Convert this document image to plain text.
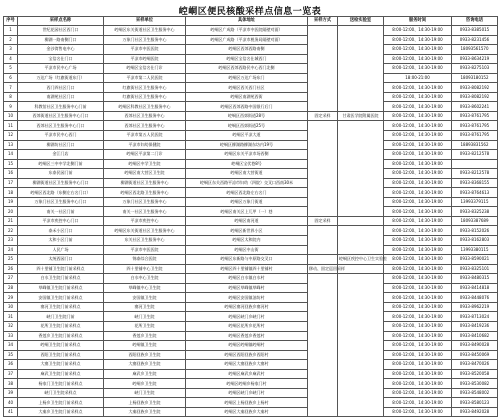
崆峒区便民核酸采样点信息一览表
序号	采样点名称	采样单位	具体地址	采样方式	送检实验室	服务时间	咨询电话
1	世纪花园社区西门口	崆峒区东关街道社区卫生服务中心	崆峒区广成路（平凉市中医院隔壁对面）			8:00-12:00、14:30-19:00	0933-8385015
2	柳湖一路南侧门口	万象门社区卫生服务中心	崆峒区广成路（平凉市税务局隔壁对面）			8:00-12:00、14:30-19:00	0933-8231456
3	金沙湾售电中心	平凉市中医医院	崆峒区西郊西路南侧			8:00-12:00、14:30-19:00	18093561570
4	宝信名仕门口	平凉市崆峒医院	崆峒区宝信名仕城西门			8:00-12:00、14:30-19:00	0933-8634219
5	平凉市民中心广场	崆峒区宝信名仕门诊	崆峒区西郊西路民中心西门北侧			8:00-12:00、14:30-19:00	0933-8275103
6	万达广场（红旗街道东门）	平凉市第二人民医院	崆峒区万达广场东门			18:00-21:00	18093180152
7	西门四社区门口	红旗街社区卫生服务中心	崆峒区西关西门社区			8:00-12:00、14:30-19:00	0933-8082192
8	南湖苑社区门口	红旗街社区卫生服务中心	崆峒区南湖苑西街			8:00-12:00、14:30-19:00	0933-8082192
9	科教馆社区卫生服务中心门前	崆峒区科教社区卫生服务中心	崆峒区西郊西路中国银行后门			8:00-12:00、14:30-19:00	0933-8602241
10	西郊街道社区卫生服务中心门口	西郊社区卫生服务中心	崆峒区西郊街道28号	固定采样	甘肃医学院附属医院	8:00-12:00、14:30-19:00	0933-8761795
11	西郊社区卫生服务中心门口	西郊社区卫生服务中心	崆峒区西郊街道25号			8:00-12:00、14:30-19:00	0933-8761795
12	平凉市民中心西门	平凉市第五人民医院	崆峒区平凉大道			8:00-12:00、14:30-19:00	0933-8761795
13	柳湖坊社区门口	平凉市妇幼保健院	崆峒区柳湖路柳湖东坊内19号			8:00-12:00、14:30-19:00	18893831562
14	金江门店	崆峒区平凉第二门诊	崆峒区东关平凉市场西侧			8:00-12:00、14:30-19:00	0933-8212578
15	崆峒区三中中学北侧门前	崆峒区中学卫生院	崆峒区宝伏巷8号			8:00-12:00、14:30-19:00	
16	东泰民园门前	崆峒区南大营区卫生院	崆峒区南大营街道			8:00-12:00、14:30-19:00	0933-8212578
17	柳湖街道社区卫生服务中心门口	柳湖街道社区卫生服务中心	崆峒区东关西路平凉市妇幼（四院）交叉口西南30米			8:00-12:00、14:30-19:00	0933-8368155
18	崆峒区西北路（东侧左右名门口）	崆峒区西北路卫生服务中心	崆峒区西北路左右名门			8:00-12:00、14:30-19:00	0933-8764613
19	万象门社区卫生服务中心门口	万象门社区卫生服务中心	崆峒区万象门街道			8:00-12:00、14:30-19:00	13993379115
20	南关一社区门前	南关一社区卫生服务中心	崆峒区南关区上兀甲（一）巷			8:00-12:00、14:30-19:00	0933-8325238
21	平凉市疾控中心门口	平凉市疾控中心	崆峒区南河道	固定采样		8:00-12:00、14:30-19:00	18093387689
22	泰禾小区门口	崆峒区东关街道社区卫生服务中心	崆峒区新世界小区			8:00-12:00、14:30-19:00	0933-8152026
23	太和小区门前	东关社区卫生服务中心	崆峒区太和院内			8:00-12:00、14:30-19:00	0933-8162803
24	人民广场	平凉市中医医院	崆峒区中山街			8:00-12:00、14:30-19:00	13993380115
25	太统西园门口	锦泰综合医院	崆峒区东新路与中原路交叉口		崆峒区疾控中心卫生实验室	8:00-12:00、14:30-19:00	0933-8590021
26	四十里铺卫生院门前采样点	四十里铺中心卫生院	崆峒区四十里铺镇四十里铺村	移动、固定巡回采样		8:00-12:00、14:30-19:00	0933-8325101
27	白水卫生院门前采样点	白水中心卫生院	崆峒区白水镇白水村			8:00-12:00、14:30-19:00	0933-8480315
28	草峰镇卫生院门前采样点	草峰镇中心卫生院	崆峒区草峰镇草峰村			8:00-12:00、14:30-19:00	0933-8414818
29	安国镇卫生院门前采样点	安国镇卫生院	崆峒区安国镇油坊村			8:00-12:00、14:30-19:00	0933-8448076
30	寨河卫生院门前采样点	寨河卫生院	崆峒区寨河回族乡寨河村			8:00-12:00、14:30-19:00	0933-8962219
31	峡门卫生院门前	峡门卫生院	崆峒区峡门乡峡门村			8:00-12:00、14:30-19:00	0933-8713024
32	花所卫生院门前采样点	花所卫生院	崆峒区花所乡花所村			8:00-12:00、14:30-19:00	0933-8419236
33	香莲乡卫生院门前采样点	香莲乡卫生院	崆峒区香莲乡香莲村			8:00-12:00、14:30-19:00	0933-8410682
34	崆峒卫生院门前采样点	崆峒镇卫生院	崆峒区崆峒镇崆峒村			8:00-12:00、14:30-19:00	0933-8490028
35	西阳卫生院门前采样点	西阳回族乡卫生院	崆峒区西阳回族乡西阳村			8:00-12:00、14:30-19:00	0933-8450069
36	大寨卫生院门前采样点	大寨回族乡卫生院	崆峒区大寨回族乡大寨村			8:00-12:00、14:30-19:00	0933-8470026
37	麻武卫生院门前采样点	麻武乡卫生院	崆峒区麻武乡麻武村			8:00-12:00、14:30-19:00	0933-8520058
38	杨家门卫生院门前采样点	崆峒乡卫生院	崆峒区崆峒乡杨家门村			8:00-12:00、14:30-19:00	0933-8530082
39	峡门卫生院采样点	峡门卫生院	崆峒区峡门乡峡门村			8:00-12:00、14:30-19:00	0933-8548002
40	上杨乡卫生院门前采样点	上杨回族乡卫生院	崆峒区上杨回族乡上杨村			8:00-12:00、14:30-19:00	0933-8580123
41	大秦乡卫生院门前采样点	大秦回族乡卫生院	崆峒区大秦回族乡大秦村			8:00-12:00、14:30-19:00	0933-8492028
